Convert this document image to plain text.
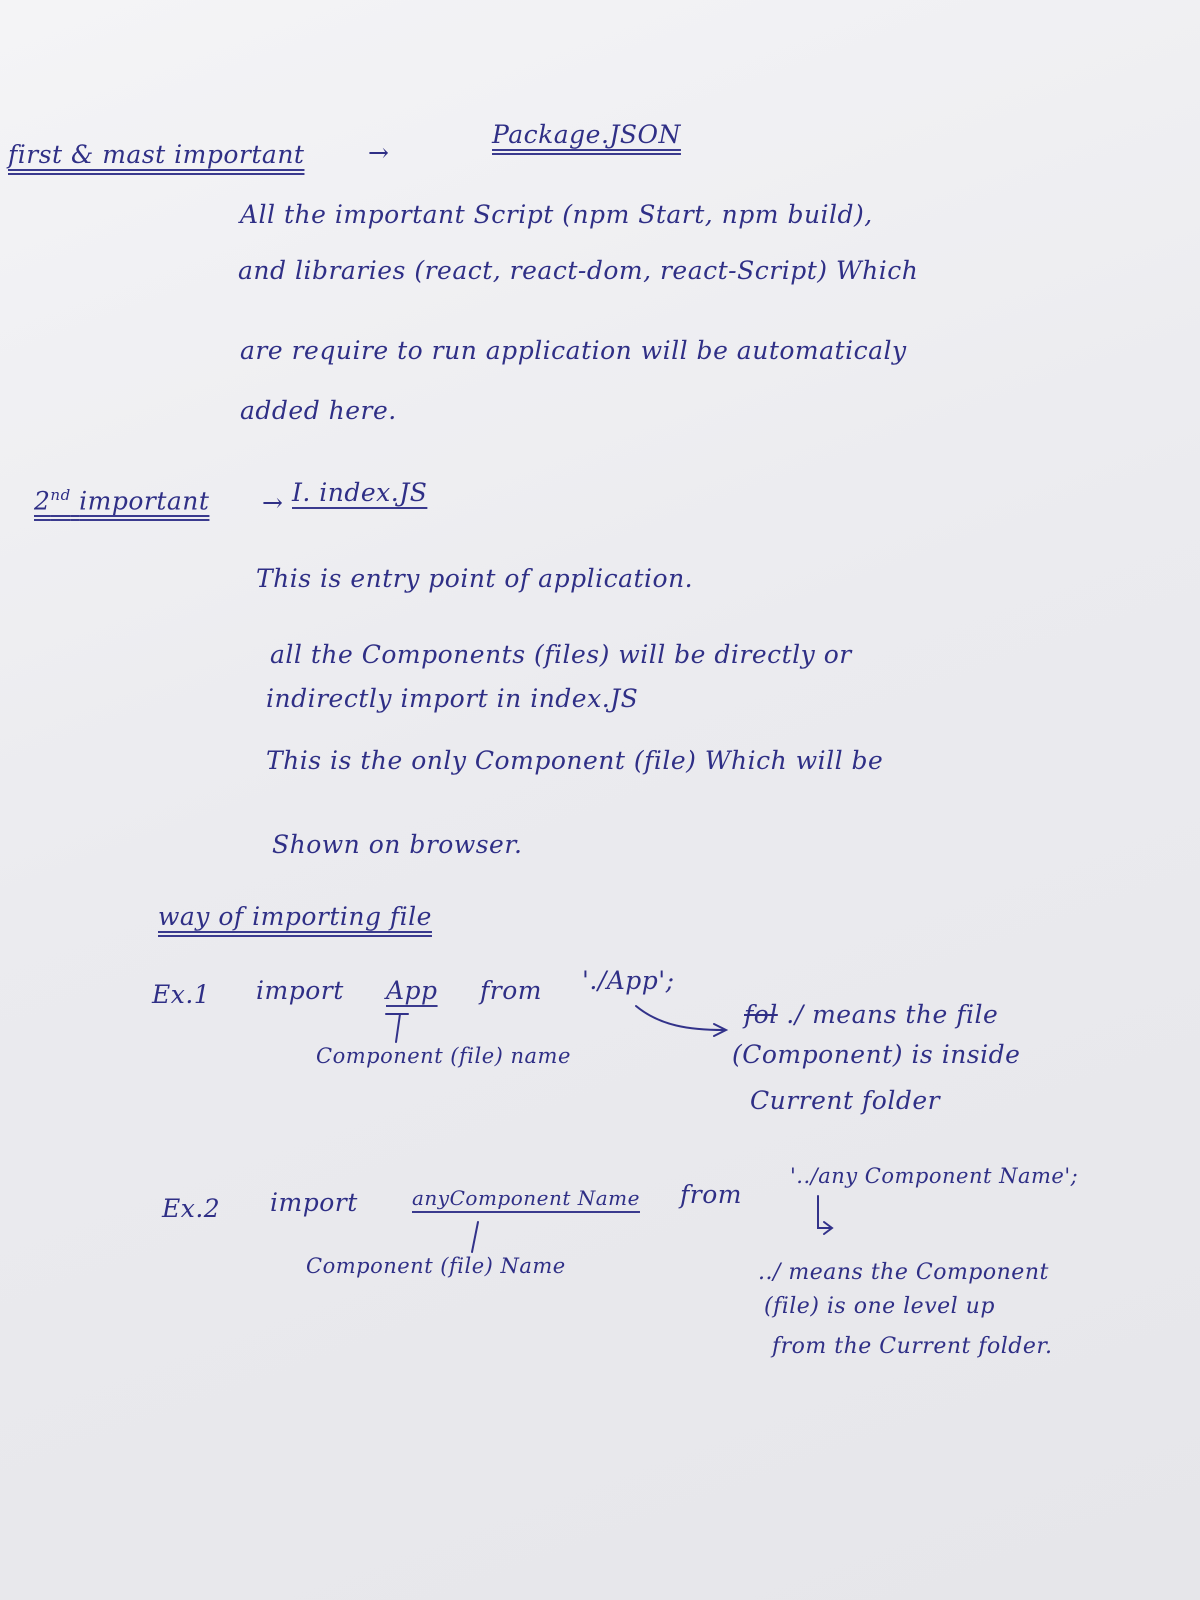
first & mast important	→
Package.JSON
All the important Script (npm Start, npm build),
and libraries (react, react-dom, react-Script) Which
are require to run application will be automaticaly
added here.
2nd important → I. index.JS
This is entry point of application.
all the Components (files) will be directly or
indirectly import in index.JS
This is the only Component (file) Which will be
Shown on browser.
way of importing file
Ex.1 import App from './App';
Component (file) name
fol ./ means the file
(Component) is inside
Current folder
Ex.2 import	anyComponent Name from
'../any Component Name';
Component (file) Name	../ means the Component
(file) is one level up
from the Current folder.
